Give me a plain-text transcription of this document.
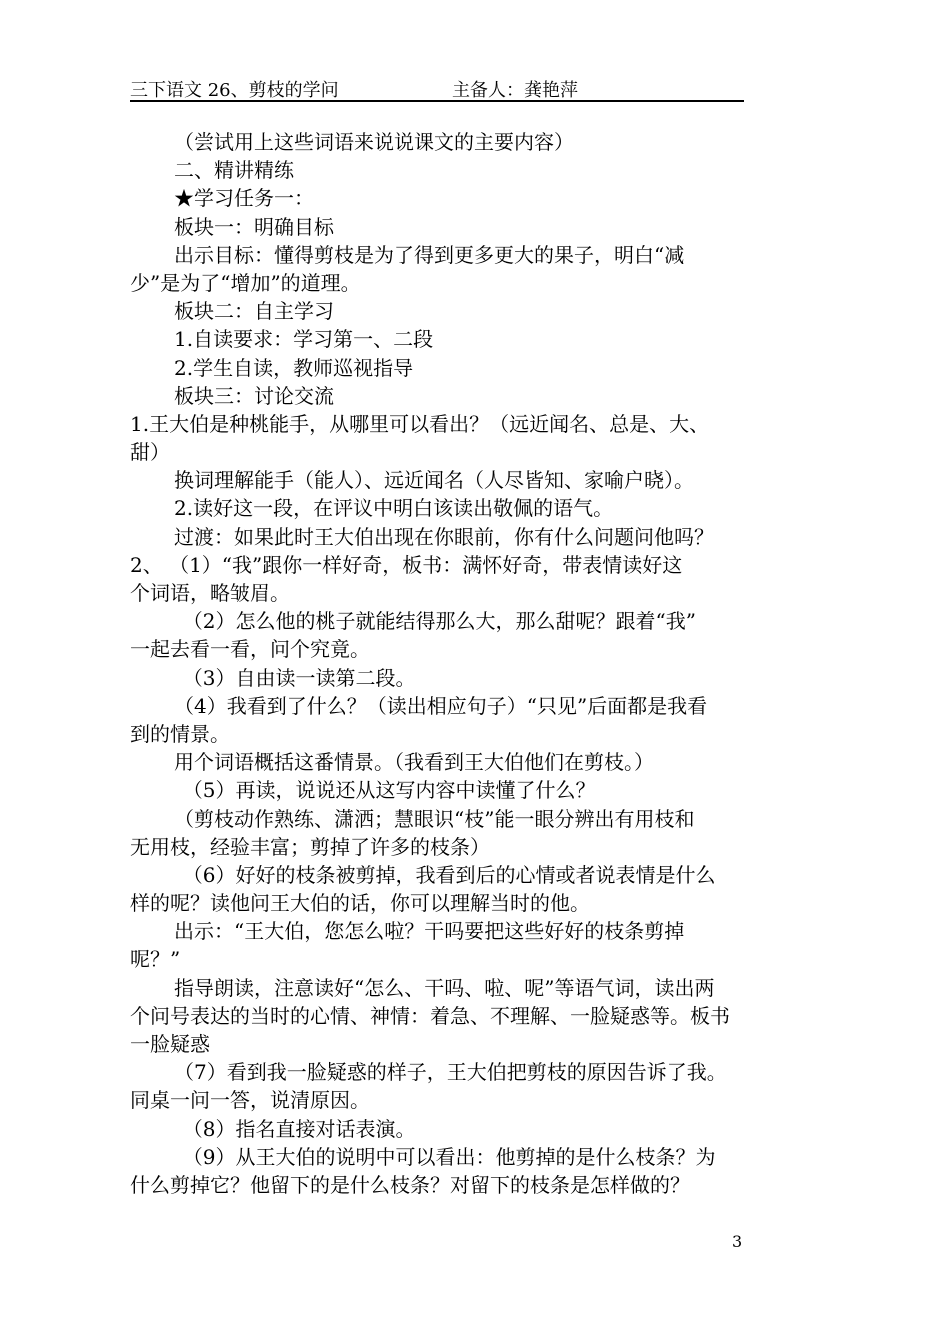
三下语文 26、剪枝的学问	主备人：龚艳萍
（尝试用上这些词语来说说课文的主要内容）
二、精讲精练
★学习任务一：
板块一：明确目标
出示目标：懂得剪枝是为了得到更多更大的果子，明白“减
少”是为了“增加”的道理。
板块二：自主学习
1.自读要求：学习第一、二段
2.学生自读，教师巡视指导
板块三：讨论交流
1.王大伯是种桃能手，从哪里可以看出？（远近闻名、总是、大、
甜）
换词理解能手（能人）、远近闻名（人尽皆知、家喻户晓）。
2.读好这一段，在评议中明白该读出敬佩的语气。
过渡：如果此时王大伯出现在你眼前，你有什么问题问他吗？
2、 （1）“我”跟你一样好奇，板书：满怀好奇，带表情读好这
个词语，略皱眉。
（2）怎么他的桃子就能结得那么大，那么甜呢？跟着“我”
一起去看一看，问个究竟。
（3）自由读一读第二段。
（4）我看到了什么？（读出相应句子）“只见”后面都是我看
到的情景。
用个词语概括这番情景。（我看到王大伯他们在剪枝。）
（5）再读，说说还从这写内容中读懂了什么？
（剪枝动作熟练、潇洒；慧眼识“枝”能一眼分辨出有用枝和
无用枝，经验丰富；剪掉了许多的枝条）
（6）好好的枝条被剪掉，我看到后的心情或者说表情是什么
样的呢？读他问王大伯的话，你可以理解当时的他。
出示：“王大伯，您怎么啦？干吗要把这些好好的枝条剪掉
呢？”
指导朗读，注意读好“怎么、干吗、啦、呢”等语气词，读出两
个问号表达的当时的心情、神情：着急、不理解、一脸疑惑等。板书
一脸疑惑
（7）看到我一脸疑惑的样子，王大伯把剪枝的原因告诉了我。
同桌一问一答，说清原因。
（8）指名直接对话表演。
（9）从王大伯的说明中可以看出：他剪掉的是什么枝条？为
什么剪掉它？他留下的是什么枝条？对留下的枝条是怎样做的？
3
